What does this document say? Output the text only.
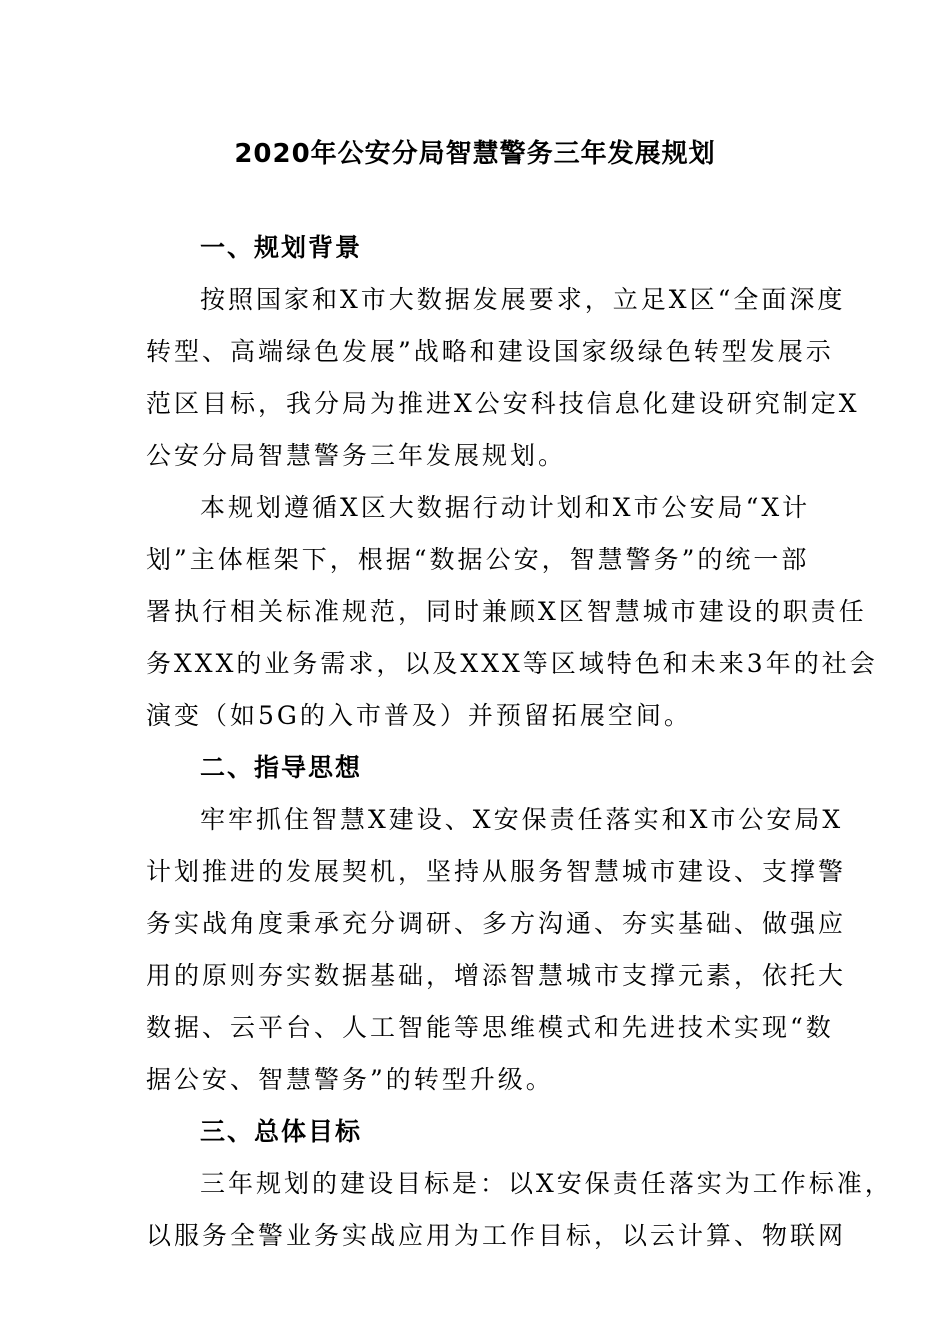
2020年公安分局智慧警务三年发展规划
一、规划背景

按照国家和X市大数据发展要求，立足X区“全面深度
转型、高端绿色发展”战略和建设国家级绿色转型发展示
范区目标，我分局为推进X公安科技信息化建设研究制定X
公安分局智慧警务三年发展规划。

本规划遵循X区大数据行动计划和X市公安局“X计
划”主体框架下，根据“数据公安，智慧警务”的统一部
署执行相关标准规范，同时兼顾X区智慧城市建设的职责任
务XXX的业务需求，以及XXX等区域特色和未来3年的社会
演变（如5G的入市普及）并预留拓展空间。

二、指导思想

牢牢抓住智慧X建设、X安保责任落实和X市公安局X
计划推进的发展契机，坚持从服务智慧城市建设、支撑警
务实战角度秉承充分调研、多方沟通、夯实基础、做强应
用的原则夯实数据基础，增添智慧城市支撑元素，依托大
数据、云平台、人工智能等思维模式和先进技术实现“数
据公安、智慧警务”的转型升级。

三、总体目标

三年规划的建设目标是：以X安保责任落实为工作标准，
以服务全警业务实战应用为工作目标，以云计算、物联网
